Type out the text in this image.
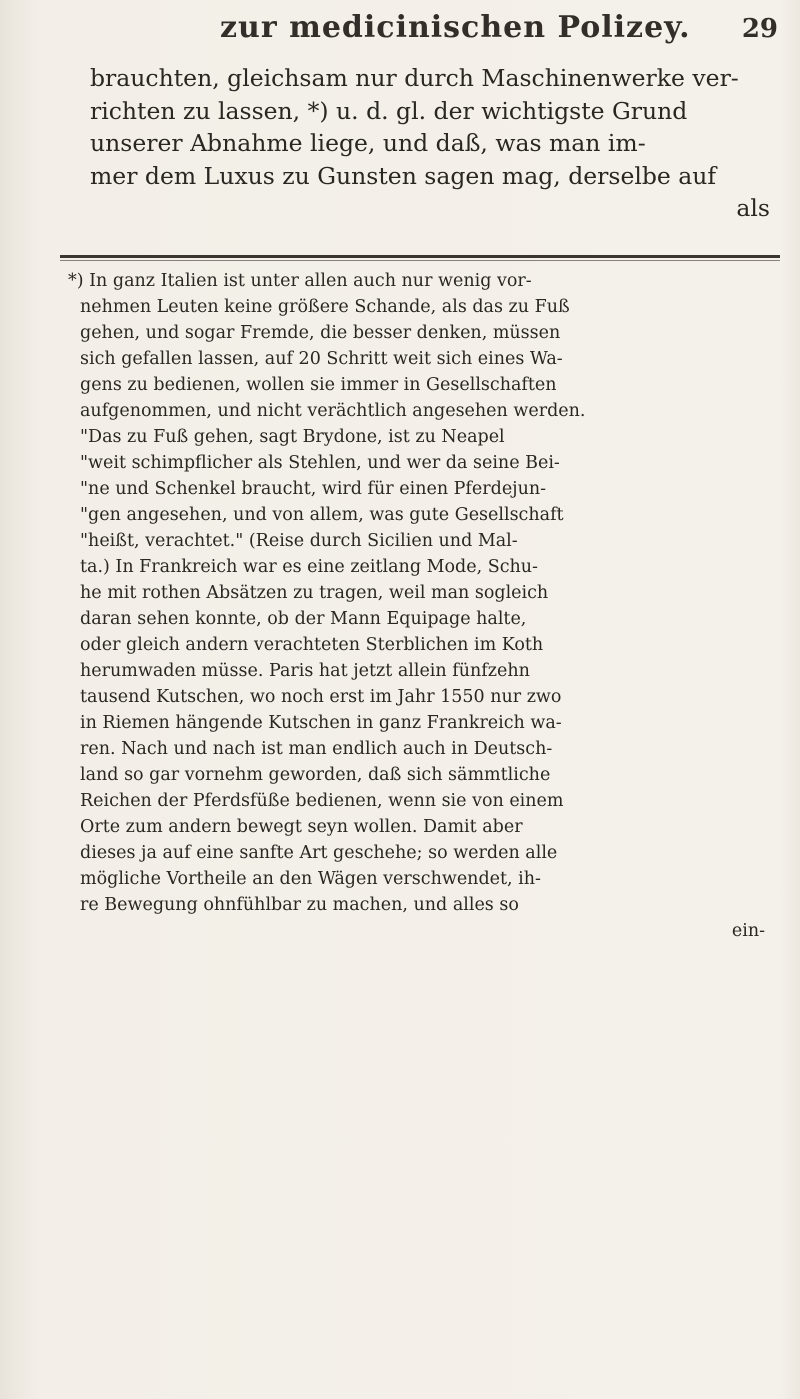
zur medicinischen Polizey. 29
brauchten, gleichsam nur durch Maschinenwerke ver-
richten zu lassen, *) u. d. gl. der wichtigste Grund
unserer Abnahme liege, und daß, was man im-
mer dem Luxus zu Gunsten sagen mag, derselbe auf
als
*) In ganz Italien ist unter allen auch nur wenig vor-
nehmen Leuten keine größere Schande, als das zu Fuß
gehen, und sogar Fremde, die besser denken, müssen
sich gefallen lassen, auf 20 Schritt weit sich eines Wa-
gens zu bedienen, wollen sie immer in Gesellschaften
aufgenommen, und nicht verächtlich angesehen werden.
"Das zu Fuß gehen, sagt Brydone, ist zu Neapel
"weit schimpflicher als Stehlen, und wer da seine Bei-
"ne und Schenkel braucht, wird für einen Pferdejun-
"gen angesehen, und von allem, was gute Gesellschaft
"heißt, verachtet." (Reise durch Sicilien und Mal-
ta.) In Frankreich war es eine zeitlang Mode, Schu-
he mit rothen Absätzen zu tragen, weil man sogleich
daran sehen konnte, ob der Mann Equipage halte,
oder gleich andern verachteten Sterblichen im Koth
herumwaden müsse. Paris hat jetzt allein fünfzehn
tausend Kutschen, wo noch erst im Jahr 1550 nur zwo
in Riemen hängende Kutschen in ganz Frankreich wa-
ren. Nach und nach ist man endlich auch in Deutsch-
land so gar vornehm geworden, daß sich sämmtliche
Reichen der Pferdsfüße bedienen, wenn sie von einem
Orte zum andern bewegt seyn wollen. Damit aber
dieses ja auf eine sanfte Art geschehe; so werden alle
mögliche Vortheile an den Wägen verschwendet, ih-
re Bewegung ohnfühlbar zu machen, und alles so
ein-
